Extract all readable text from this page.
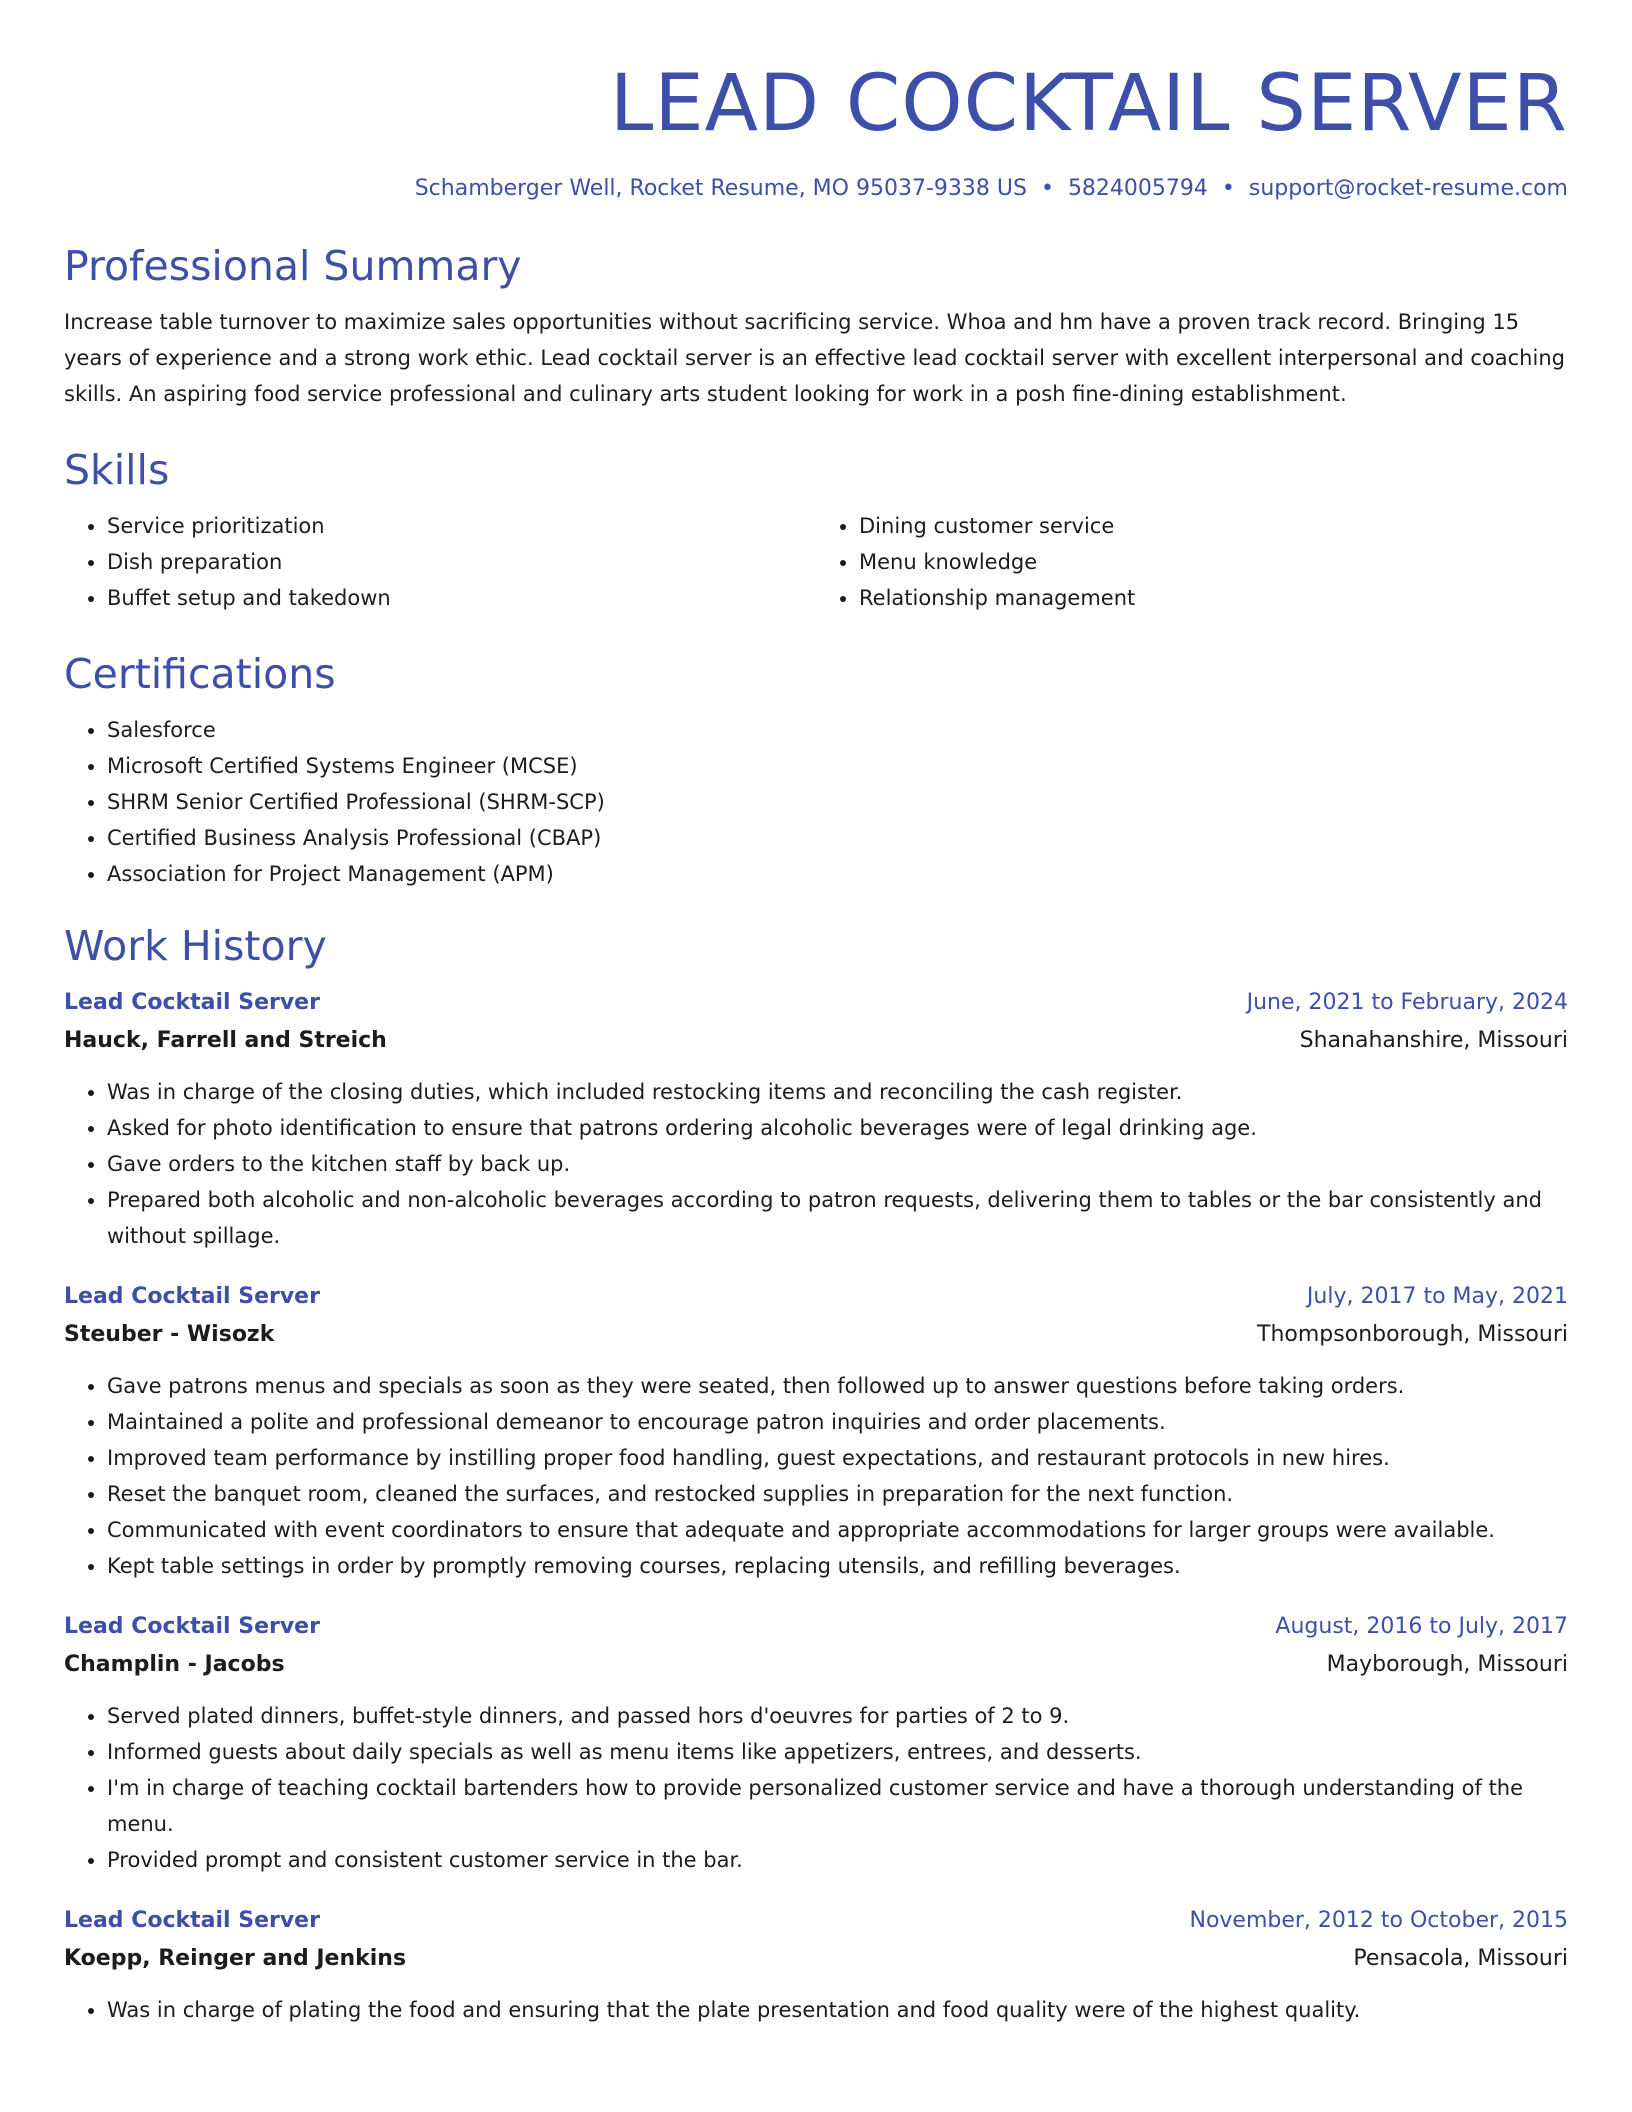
LEAD COCKTAIL SERVER
Schamberger Well, Rocket Resume, MO 95037-9338 US • 5824005794 • support@rocket-resume.com
Professional Summary

Increase table turnover to maximize sales opportunities without sacrificing service. Whoa and hm have a proven track record. Bringing 15 years of experience and a strong work ethic. Lead cocktail server is an effective lead cocktail server with excellent interpersonal and coaching skills. An aspiring food service professional and culinary arts student looking for work in a posh fine-dining establishment.

Skills
• Service prioritization
• Dish preparation
• Buffet setup and takedown
• Dining customer service
• Menu knowledge
• Relationship management
Certifications
• Salesforce
• Microsoft Certified Systems Engineer (MCSE)
• SHRM Senior Certified Professional (SHRM-SCP)
• Certified Business Analysis Professional (CBAP)
• Association for Project Management (APM)
Work History
Lead Cocktail Server	June, 2021 to February, 2024
Hauck, Farrell and Streich	Shanahanshire, Missouri
• Was in charge of the closing duties, which included restocking items and reconciling the cash register.
• Asked for photo identification to ensure that patrons ordering alcoholic beverages were of legal drinking age.
• Gave orders to the kitchen staff by back up.
• Prepared both alcoholic and non-alcoholic beverages according to patron requests, delivering them to tables or the bar consistently and without spillage.
Lead Cocktail Server	July, 2017 to May, 2021
Steuber - Wisozk	Thompsonborough, Missouri
• Gave patrons menus and specials as soon as they were seated, then followed up to answer questions before taking orders.
• Maintained a polite and professional demeanor to encourage patron inquiries and order placements.
• Improved team performance by instilling proper food handling, guest expectations, and restaurant protocols in new hires.
• Reset the banquet room, cleaned the surfaces, and restocked supplies in preparation for the next function.
• Communicated with event coordinators to ensure that adequate and appropriate accommodations for larger groups were available.
• Kept table settings in order by promptly removing courses, replacing utensils, and refilling beverages.
Lead Cocktail Server	August, 2016 to July, 2017
Champlin - Jacobs	Mayborough, Missouri
• Served plated dinners, buffet-style dinners, and passed hors d'oeuvres for parties of 2 to 9.
• Informed guests about daily specials as well as menu items like appetizers, entrees, and desserts.
• I'm in charge of teaching cocktail bartenders how to provide personalized customer service and have a thorough understanding of the menu.
• Provided prompt and consistent customer service in the bar.
Lead Cocktail Server	November, 2012 to October, 2015
Koepp, Reinger and Jenkins	Pensacola, Missouri
• Was in charge of plating the food and ensuring that the plate presentation and food quality were of the highest quality.
